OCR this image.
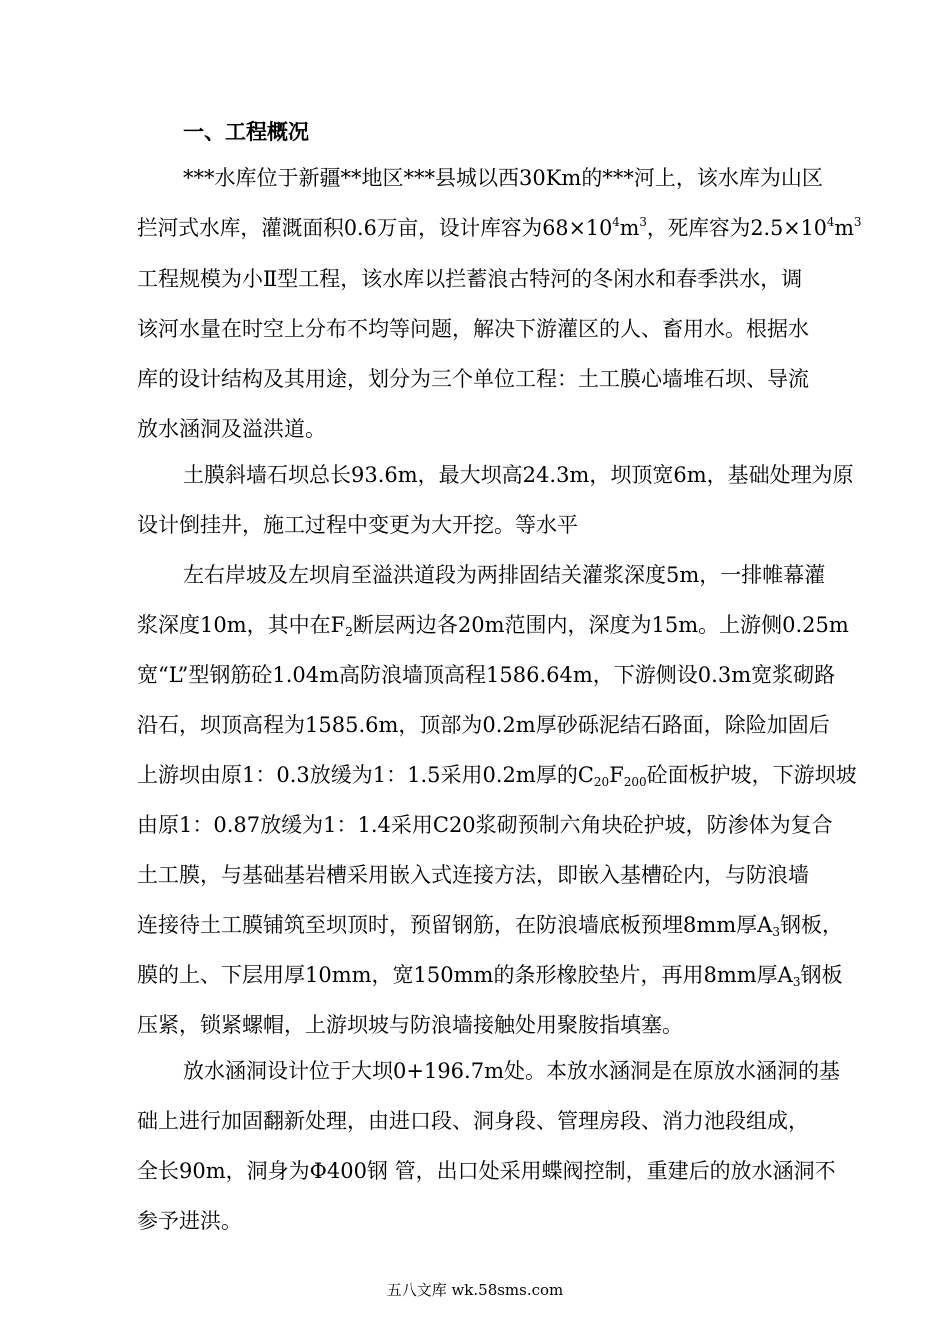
一、工程概况
***水库位于新疆**地区***县城以西30Km的***河上，该水库为山区
拦河式水库，灌溉面积0.6万亩，设计库容为$68\times 10^4m^3$，死库容为$2.5\times 10^4m^3$
工程规模为小Ⅱ型工程，该水库以拦蓄浪古特河的冬闲水和春季洪水，调
该河水量在时空上分布不均等问题，解决下游灌区的人、畜用水。根据水
库的设计结构及其用途，划分为三个单位工程：土工膜心墙堆石坝、导流
放水涵洞及溢洪道。
土膜斜墙石坝总长93.6m，最大坝高24.3m，坝顶宽6m，基础处理为原
设计倒挂井，施工过程中变更为大开挖。等水平
左右岸坡及左坝肩至溢洪道段为两排固结关灌浆深度5m，一排帷幕灌
浆深度10m，其中在$F_2$断层两边各20m范围内，深度为15m。上游侧0.25m
宽“L”型钢筋砼1.04m高防浪墙顶高程1586.64m，下游侧设0.3m宽浆砌路
沿石，坝顶高程为1585.6m，顶部为0.2m厚砂砾泥结石路面，除险加固后
上游坝由原1：0.3放缓为1：1.5采用0.2m厚的$C_{20}F_{200}$砼面板护坡，下游坝坡
由原1：0.87放缓为1：1.4采用C20浆砌预制六角块砼护坡，防渗体为复合
土工膜，与基础基岩槽采用嵌入式连接方法，即嵌入基槽砼内，与防浪墙
连接待土工膜铺筑至坝顶时，预留钢筋，在防浪墙底板预埋8mm厚$A_3$钢板，
膜的上、下层用厚10mm，宽150mm的条形橡胶垫片，再用8mm厚$A_3$钢板
压紧，锁紧螺帽，上游坝坡与防浪墙接触处用聚胺指填塞。
放水涵洞设计位于大坝0+196.7m处。本放水涵洞是在原放水涵洞的基
础上进行加固翻新处理，由进口段、洞身段、管理房段、消力池段组成，
全长90m，洞身为Φ400钢 管，出口处采用蝶阀控制，重建后的放水涵洞不
参予进洪。
五八文库 wk.58sms.com
